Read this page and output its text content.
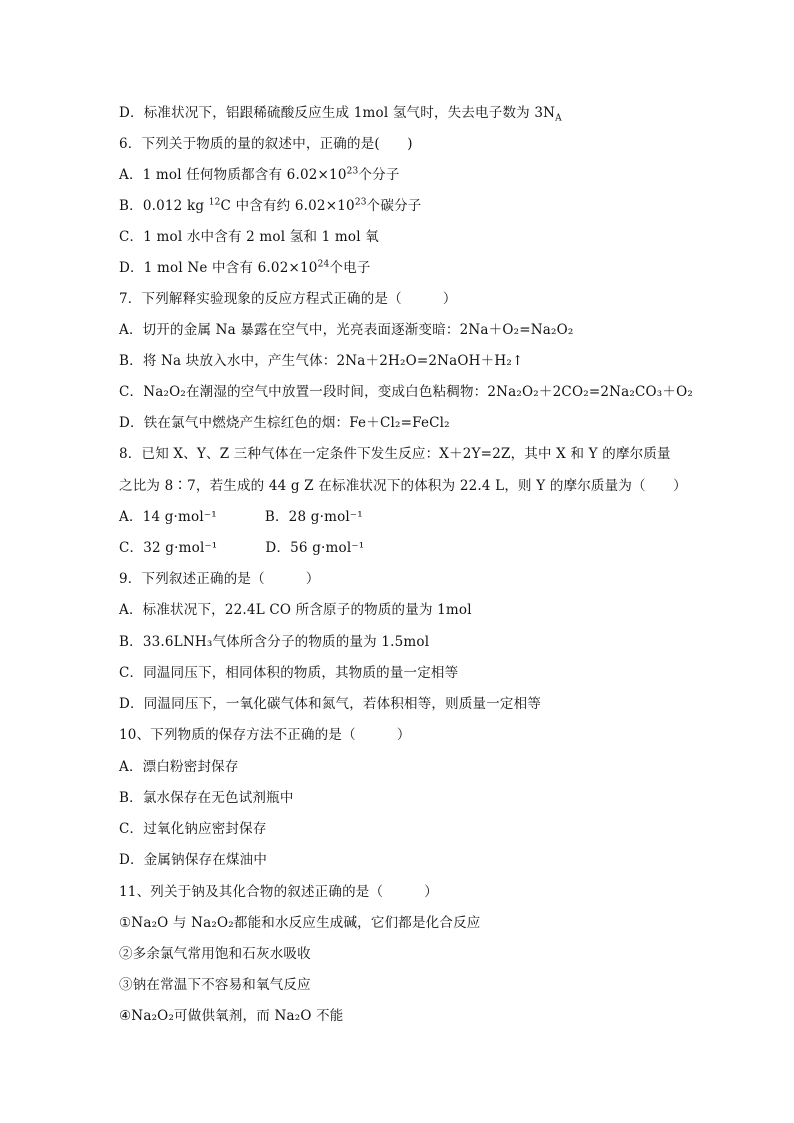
D．标准状况下，铝跟稀硫酸反应生成 1mol 氢气时，失去电子数为 $3N_A$
6．下列关于物质的量的叙述中，正确的是(　　)
A．1 mol 任何物质都含有 $6.02\times 10^{23}$个分子
B．0.012 kg $^{12}$C 中含有约 $6.02\times 10^{23}$个碳分子
C．1 mol 水中含有 2 mol 氢和 1 mol 氧
D．1 mol Ne 中含有 $6.02\times 10^{24}$个电子
7．下列解释实验现象的反应方程式正确的是（　　　）
A．切开的金属 Na 暴露在空气中，光亮表面逐渐变暗：2Na＋O₂=Na₂O₂
B．将 Na 块放入水中，产生气体：2Na＋2H₂O=2NaOH＋H₂↑
C．Na₂O₂在潮湿的空气中放置一段时间，变成白色粘稠物：2Na₂O₂＋2CO₂=2Na₂CO₃＋O₂
D．铁在氯气中燃烧产生棕红色的烟：Fe＋Cl₂=FeCl₂
8．已知 X、Y、Z 三种气体在一定条件下发生反应：X＋2Y=2Z，其中 X 和 Y 的摩尔质量
之比为 8∶7，若生成的 44 g Z 在标准状况下的体积为 22.4 L，则 Y 的摩尔质量为（　　）
A．14 g·mol⁻¹	B．28 g·mol⁻¹
C．32 g·mol⁻¹	D．56 g·mol⁻¹
9．下列叙述正确的是（　　　）
A．标准状况下，22.4L CO 所含原子的物质的量为 1mol
B．33.6LNH₃气体所含分子的物质的量为 1.5mol
C．同温同压下，相同体积的物质，其物质的量一定相等
D．同温同压下，一氧化碳气体和氮气，若体积相等，则质量一定相等
10、下列物质的保存方法不正确的是（　　　）
A．漂白粉密封保存
B．氯水保存在无色试剂瓶中
C．过氧化钠应密封保存
D．金属钠保存在煤油中
11、列关于钠及其化合物的叙述正确的是（　　　）
①Na₂O 与 Na₂O₂都能和水反应生成碱，它们都是化合反应
②多余氯气常用饱和石灰水吸收
③钠在常温下不容易和氧气反应
④Na₂O₂可做供氧剂，而 Na₂O 不能
